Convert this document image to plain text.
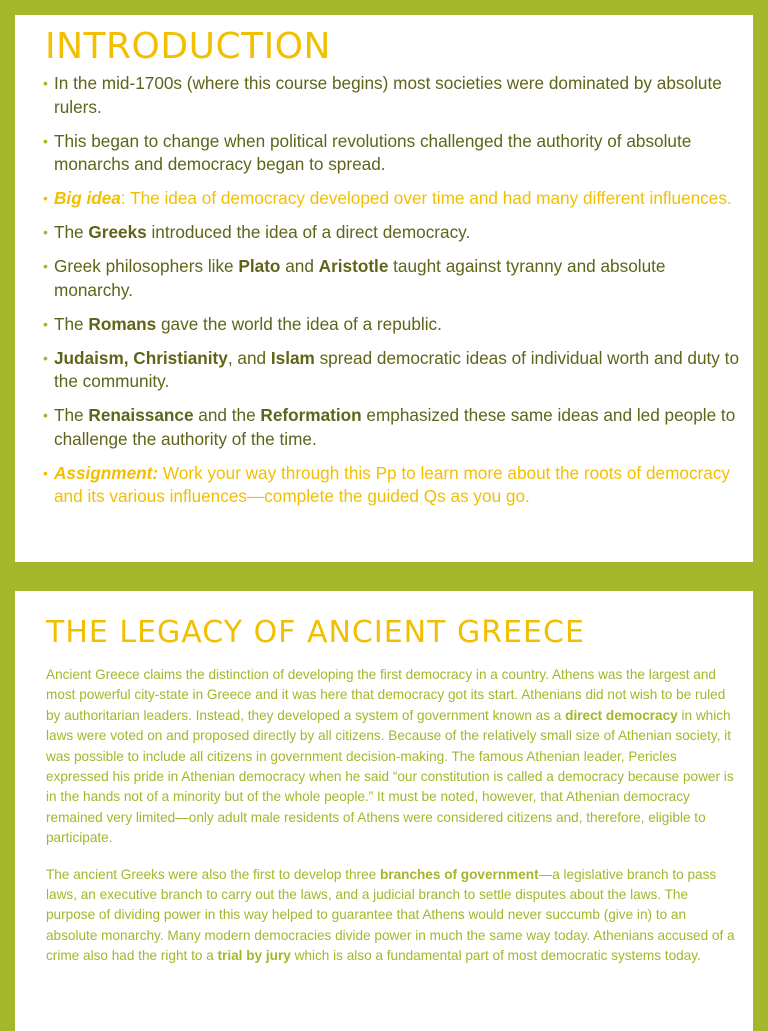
INTRODUCTION
• In the mid-1700s (where this course begins) most societies were dominated by absolute rulers.
• This began to change when political revolutions challenged the authority of absolute monarchs and democracy began to spread.
• Big idea: The idea of democracy developed over time and had many different influences.
• The Greeks introduced the idea of a direct democracy.
• Greek philosophers like Plato and Aristotle taught against tyranny and absolute monarchy.
• The Romans gave the world the idea of a republic.
• Judaism, Christianity, and Islam spread democratic ideas of individual worth and duty to the community.
• The Renaissance and the Reformation emphasized these same ideas and led people to challenge the authority of the time.
• Assignment: Work your way through this Pp to learn more about the roots of democracy and its various influences—complete the guided Qs as you go.
THE LEGACY OF ANCIENT GREECE

Ancient Greece claims the distinction of developing the first democracy in a country. Athens was the largest and most powerful city-state in Greece and it was here that democracy got its start. Athenians did not wish to be ruled by authoritarian leaders. Instead, they developed a system of government known as a direct democracy in which laws were voted on and proposed directly by all citizens. Because of the relatively small size of Athenian society, it was possible to include all citizens in government decision-making. The famous Athenian leader, Pericles expressed his pride in Athenian democracy when he said “our constitution is called a democracy because power is in the hands not of a minority but of the whole people.” It must be noted, however, that Athenian democracy remained very limited—only adult male residents of Athens were considered citizens and, therefore, eligible to participate.

The ancient Greeks were also the first to develop three branches of government—a legislative branch to pass laws, an executive branch to carry out the laws, and a judicial branch to settle disputes about the laws. The purpose of dividing power in this way helped to guarantee that Athens would never succumb (give in) to an absolute monarchy. Many modern democracies divide power in much the same way today. Athenians accused of a crime also had the right to a trial by jury which is also a fundamental part of most democratic systems today.
